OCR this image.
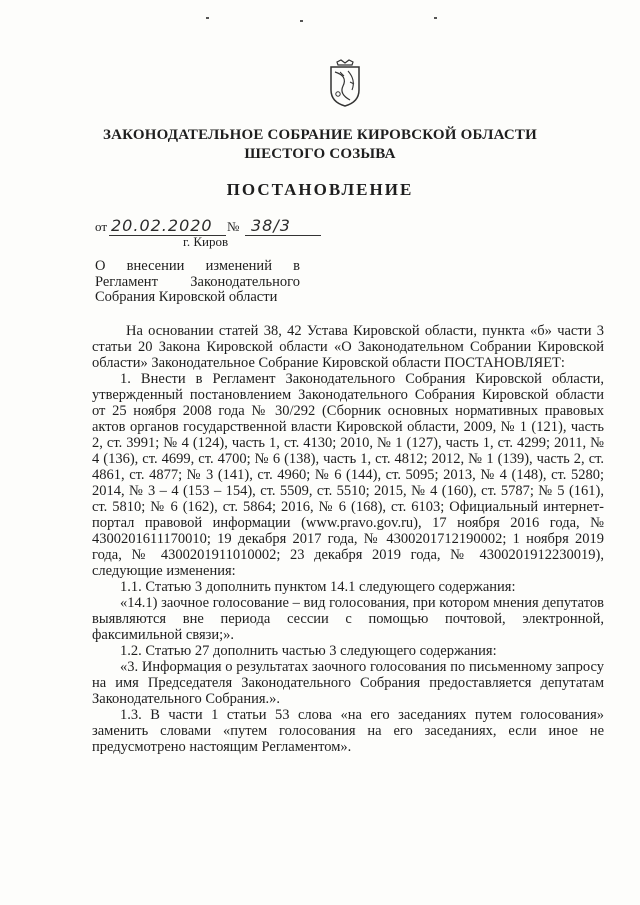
ЗАКОНОДАТЕЛЬНОЕ СОБРАНИЕ КИРОВСКОЙ ОБЛАСТИ
ШЕСТОГО СОЗЫВА
ПОСТАНОВЛЕНИЕ
от 20.02.2020 № 38/3
г. Киров
О внесении изменений в Регламент Законодательного Собрания Кировской области

На основании статей 38, 42 Устава Кировской области, пункта «б» части 3 статьи 20 Закона Кировской области «О Законодательном Собрании Кировской области» Законодательное Собрание Кировской области ПОСТАНОВЛЯЕТ:

1. Внести в Регламент Законодательного Собрания Кировской области, утвержденный постановлением Законодательного Собрания Кировской области от 25 ноября 2008 года № 30/292 (Сборник основных нормативных правовых актов органов государственной власти Кировской области, 2009, № 1 (121), часть 2, ст. 3991; № 4 (124), часть 1, ст. 4130; 2010, № 1 (127), часть 1, ст. 4299; 2011, № 4 (136), ст. 4699, ст. 4700; № 6 (138), часть 1, ст. 4812; 2012, № 1 (139), часть 2, ст. 4861, ст. 4877; № 3 (141), ст. 4960; № 6 (144), ст. 5095; 2013, № 4 (148), ст. 5280; 2014, № 3 – 4 (153 – 154), ст. 5509, ст. 5510; 2015, № 4 (160), ст. 5787; № 5 (161), ст. 5810; № 6 (162), ст. 5864; 2016, № 6 (168), ст. 6103; Официальный интернет-портал правовой информации (www.pravo.gov.ru), 17 ноября 2016 года, № 4300201611170010; 19 декабря 2017 года, № 4300201712190002; 1 ноября 2019 года, № 4300201911010002; 23 декабря 2019 года, № 4300201912230019), следующие изменения:

1.1. Статью 3 дополнить пунктом 14.1 следующего содержания:

«14.1) заочное голосование – вид голосования, при котором мнения депутатов выявляются вне периода сессии с помощью почтовой, электронной, факсимильной связи;».

1.2. Статью 27 дополнить частью 3 следующего содержания:

«3. Информация о результатах заочного голосования по письменному запросу на имя Председателя Законодательного Собрания предоставляется депутатам Законодательного Собрания.».

1.3. В части 1 статьи 53 слова «на его заседаниях путем голосования» заменить словами «путем голосования на его заседаниях, если иное не предусмотрено настоящим Регламентом».
